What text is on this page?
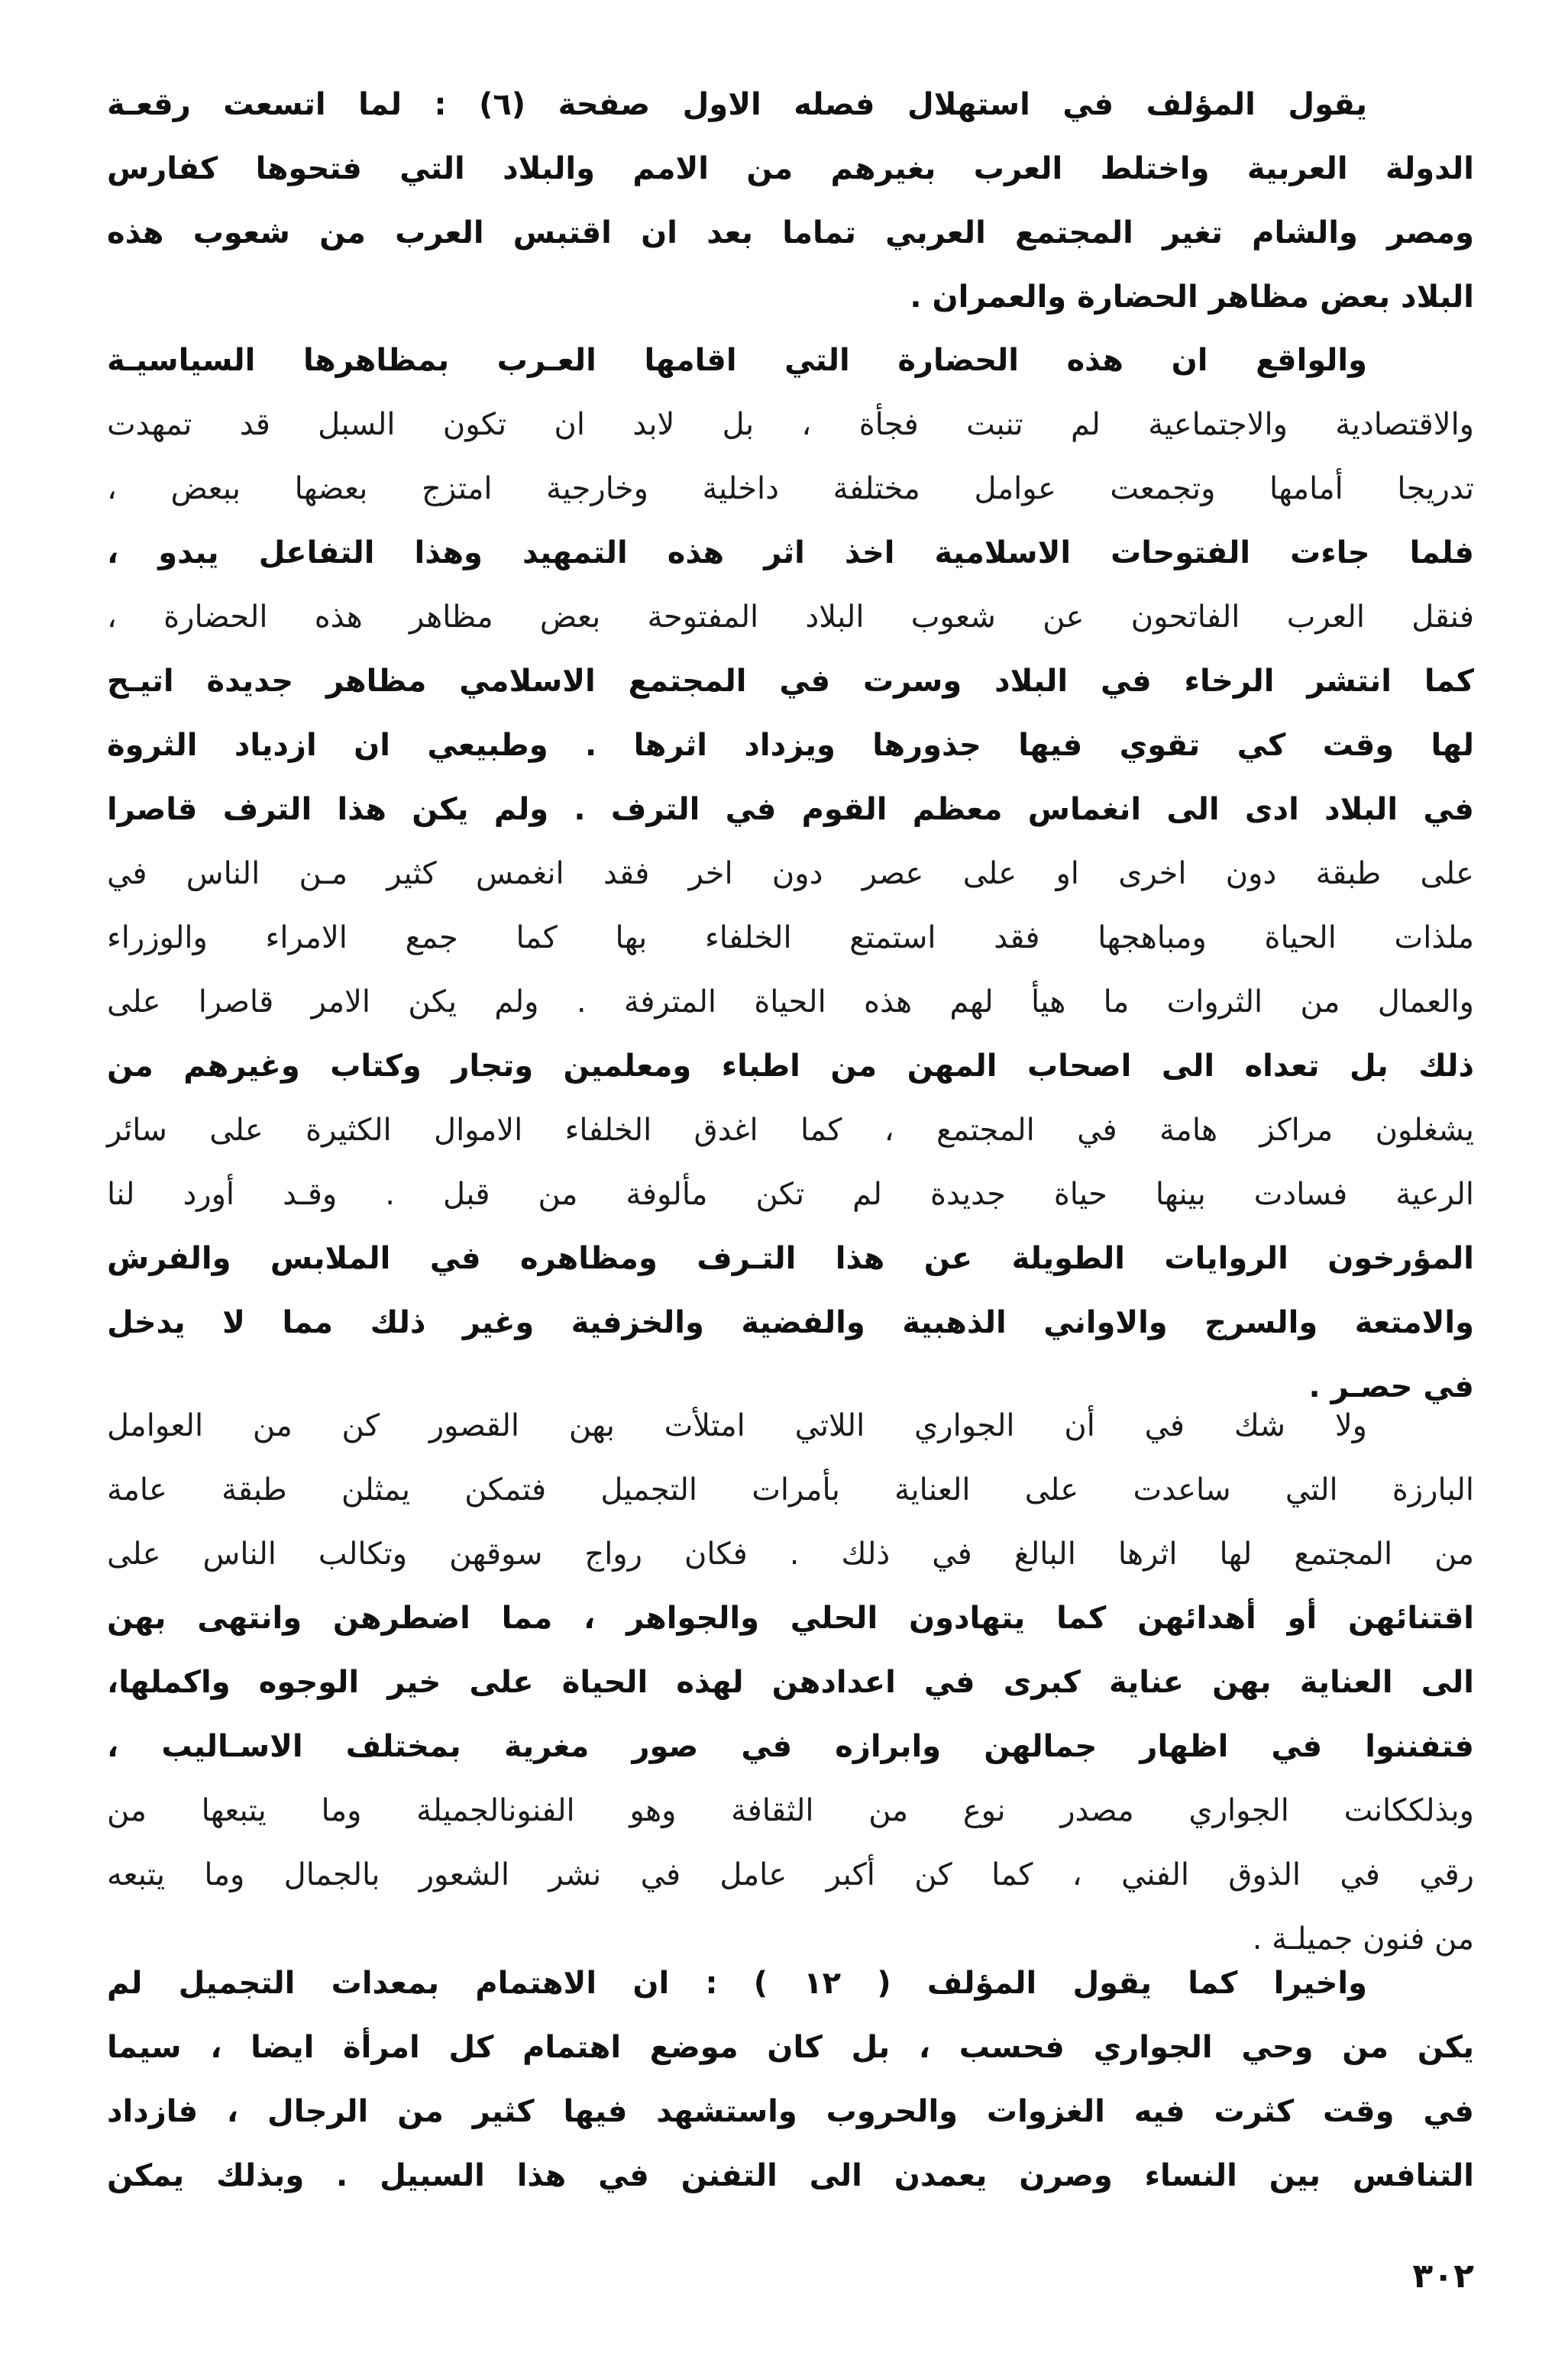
يقول المؤلف في استهلال فصله الاول صفحة (٦) : لما اتسعت رقعـة
الدولة العربية واختلط العرب بغيرهم من الامم والبلاد التي فتحوها كفارس
ومصر والشام تغير المجتمع العربي تماما بعد ان اقتبس العرب من شعوب هذه
البلاد بعض مظاهر الحضارة والعمران .
والواقع ان هذه الحضارة التي اقامها العـرب بمظاهرها السياسيـة
والاقتصادية والاجتماعية لم تنبت فجأة ، بل لابد ان تكون السبل قد تمهدت
تدريجا أمامها وتجمعت عوامل مختلفة داخلية وخارجية امتزج بعضها ببعض ،
فلما جاءت الفتوحات الاسلامية اخذ اثر هذه التمهيد وهذا التفاعل يبدو ،
فنقل العرب الفاتحون عن شعوب البلاد المفتوحة بعض مظاهر هذه الحضارة ،
كما انتشر الرخاء في البلاد وسرت في المجتمع الاسلامي مظاهر جديدة اتيـح
لها وقت كي تقوي فيها جذورها ويزداد اثرها . وطبيعي ان ازدياد الثروة
في البلاد ادى الى انغماس معظم القوم في الترف . ولم يكن هذا الترف قاصرا
على طبقة دون اخرى او على عصر دون اخر فقد انغمس كثير مـن الناس في
ملذات الحياة ومباهجها فقد استمتع الخلفاء بها كما جمع الامراء والوزراء
والعمال من الثروات ما هيأ لهم هذه الحياة المترفة . ولم يكن الامر قاصرا على
ذلك بل تعداه الى اصحاب المهن من اطباء ومعلمين وتجار وكتاب وغيرهم من
يشغلون مراكز هامة في المجتمع ، كما اغدق الخلفاء الاموال الكثيرة على سائر
الرعية فسادت بينها حياة جديدة لم تكن مألوفة من قبل . وقـد أورد لنا
المؤرخون الروايات الطويلة عن هذا التـرف ومظاهره في الملابس والفرش
والامتعة والسرج والاواني الذهبية والفضية والخزفية وغير ذلك مما لا يدخل
في حصـر .
ولا شك في أن الجواري اللاتي امتلأت بهن القصور كن من العوامل
البارزة التي ساعدت على العناية بأمرات التجميل فتمكن يمثلن طبقة عامة
من المجتمع لها اثرها البالغ في ذلك . فكان رواج سوقهن وتكالب الناس على
اقتنائهن أو أهدائهن كما يتهادون الحلي والجواهر ، مما اضطرهن وانتهى بهن
الى العناية بهن عناية كبرى في اعدادهن لهذه الحياة على خير الوجوه واكملها،
فتفننوا في اظهار جمالهن وابرازه في صور مغرية بمختلف الاسـاليب ،
وبذلككانت الجواري مصدر نوع من الثقافة وهو الفنونالجميلة وما يتبعها من
رقي في الذوق الفني ، كما كن أكبر عامل في نشر الشعور بالجمال وما يتبعه
من فنون جميلـة .
واخيرا كما يقول المؤلف ( ١٢ ) : ان الاهتمام بمعدات التجميل لم
يكن من وحي الجواري فحسب ، بل كان موضع اهتمام كل امرأة ايضا ، سيما
في وقت كثرت فيه الغزوات والحروب واستشهد فيها كثير من الرجال ، فازداد
التنافس بين النساء وصرن يعمدن الى التفنن في هذا السبيل . وبذلك يمكن
٣٠٢
